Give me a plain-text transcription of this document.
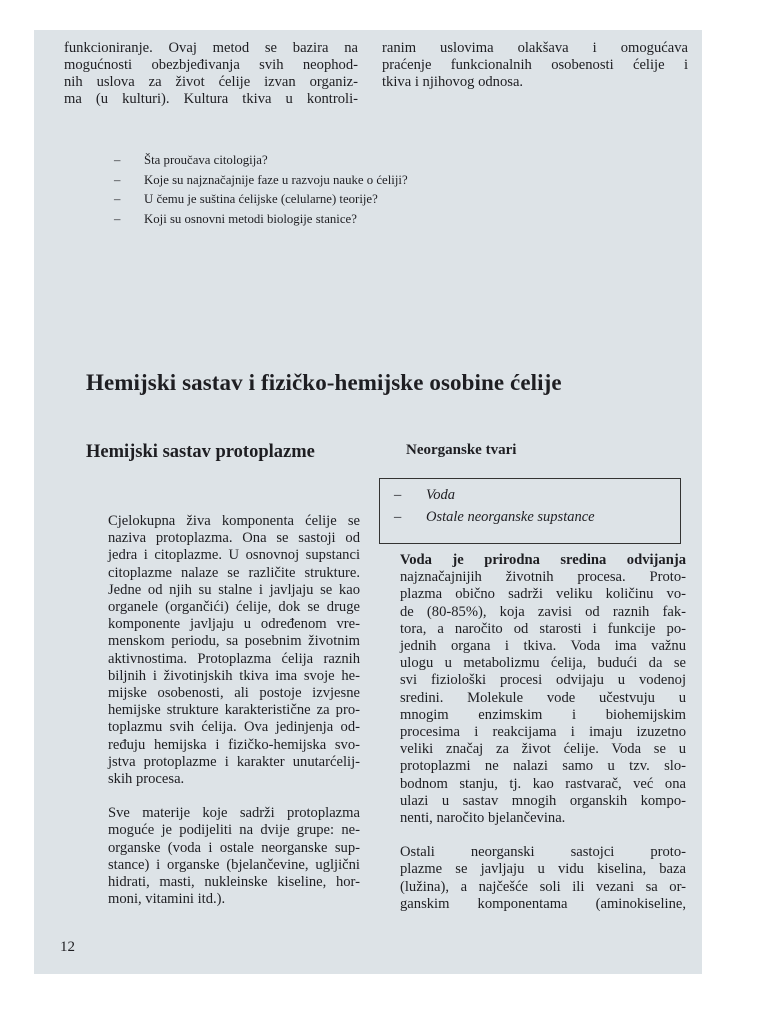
funkcioniranje. Ovaj metod se bazira na
mogućnosti obezbjeđivanja svih neophod-
nih uslova za život ćelije izvan organiz-
ma (u kulturi). Kultura tkiva u kontroli-
ranim uslovima olakšava i omogućava
praćenje funkcionalnih osobenosti ćelije i
tkiva i njihovog odnosa.
–	Šta proučava citologija?
–	Koje su najznačajnije faze u razvoju nauke o ćeliji?
–	U čemu je suština ćelijske (celularne) teorije?
–	Koji su osnovni metodi biologije stanice?
Hemijski sastav i fizičko-hemijske osobine ćelije
Hemijski sastav protoplazme	Neorganske tvari
–	Voda
–	Ostale neorganske supstance
Cjelokupna živa komponenta ćelije se
naziva protoplazma. Ona se sastoji od
jedra i citoplazme. U osnovnoj supstanci
citoplazme nalaze se različite strukture.
Jedne od njih su stalne i javljaju se kao
organele (organčići) ćelije, dok se druge
komponente javljaju u određenom vre-
menskom periodu, sa posebnim životnim
aktivnostima. Protoplazma ćelija raznih
biljnih i životinjskih tkiva ima svoje he-
mijske osobenosti, ali postoje izvjesne
hemijske strukture karakteristične za pro-
toplazmu svih ćelija. Ova jedinjenja od-
ređuju hemijska i fizičko-hemijska svo-
jstva protoplazme i karakter unutarćelij-
skih procesa.
Sve materije koje sadrži protoplazma
moguće je podijeliti na dvije grupe: ne-
organske (voda i ostale neorganske sup-
stance) i organske (bjelančevine, ugljični
hidrati, masti, nukleinske kiseline, hor-
moni, vitamini itd.).
Voda je prirodna sredina odvijanja
najznačajnijih životnih procesa. Proto-
plazma obično sadrži veliku količinu vo-
de (80-85%), koja zavisi od raznih fak-
tora, a naročito od starosti i funkcije po-
jednih organa i tkiva. Voda ima važnu
ulogu u metabolizmu ćelija, budući da se
svi fiziološki procesi odvijaju u vodenoj
sredini. Molekule vode učestvuju u
mnogim enzimskim i biohemijskim
procesima i reakcijama i imaju izuzetno
veliki značaj za život ćelije. Voda se u
protoplazmi ne nalazi samo u tzv. slo-
bodnom stanju, tj. kao rastvarač, već ona
ulazi u sastav mnogih organskih kompo-
nenti, naročito bjelančevina.
Ostali neorganski sastojci proto-
plazme se javljaju u vidu kiselina, baza
(lužina), a najčešće soli ili vezani sa or-
ganskim komponentama (aminokiseline,
12
